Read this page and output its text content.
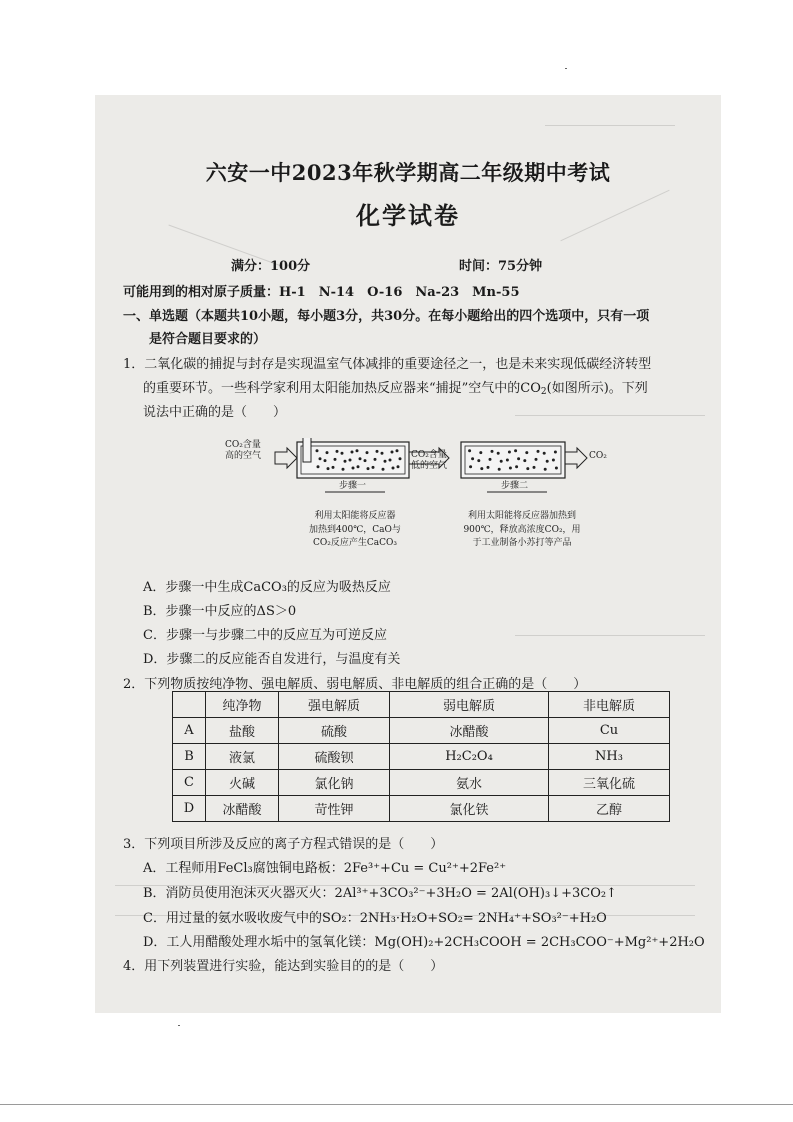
六安一中2023年秋学期高二年级期中考试
化学试卷
满分：100分	时间：75分钟
可能用到的相对原子质量：H-1　N-14　O-16　Na-23　Mn-55
一、单选题（本题共10小题，每小题3分，共30分。在每小题给出的四个选项中，只有一项
是符合题目要求的）
1．二氧化碳的捕捉与封存是实现温室气体减排的重要途径之一，也是未来实现低碳经济转型
的重要环节。一些科学家利用太阳能加热反应器来“捕捉”空气中的$CO_2$(如图所示)。下列
说法中正确的是（　　）
CO₂含量
高的空气	CO₂含量
低的空气
CO₂
步骤一	步骤二
利用太阳能将反应器
加热到400℃，CaO与
CO₂反应产生CaCO₃
利用太阳能将反应器加热到
900℃，释放高浓度CO₂，用
于工业制备小苏打等产品
A．步骤一中生成CaCO₃的反应为吸热反应
B．步骤一中反应的ΔS＞0
C．步骤一与步骤二中的反应互为可逆反应
D．步骤二的反应能否自发进行，与温度有关
2．下列物质按纯净物、强电解质、弱电解质、非电解质的组合正确的是（　　）
	纯净物	强电解质	弱电解质	非电解质
A	盐酸	硫酸	冰醋酸	Cu
B	液氯	硫酸钡	H₂C₂O₄	NH₃
C	火碱	氯化钠	氨水	三氧化硫
D	冰醋酸	苛性钾	氯化铁	乙醇
3．下列项目所涉及反应的离子方程式错误的是（　　）
A．工程师用FeCl₃腐蚀铜电路板：2Fe³⁺+Cu = Cu²⁺+2Fe²⁺
B．消防员使用泡沫灭火器灭火：2Al³⁺+3CO₃²⁻+3H₂O = 2Al(OH)₃↓+3CO₂↑
C．用过量的氨水吸收废气中的SO₂：2NH₃·H₂O+SO₂= 2NH₄⁺+SO₃²⁻+H₂O
D．工人用醋酸处理水垢中的氢氧化镁：Mg(OH)₂+2CH₃COOH = 2CH₃COO⁻+Mg²⁺+2H₂O
4．用下列装置进行实验，能达到实验目的的是（　　）
